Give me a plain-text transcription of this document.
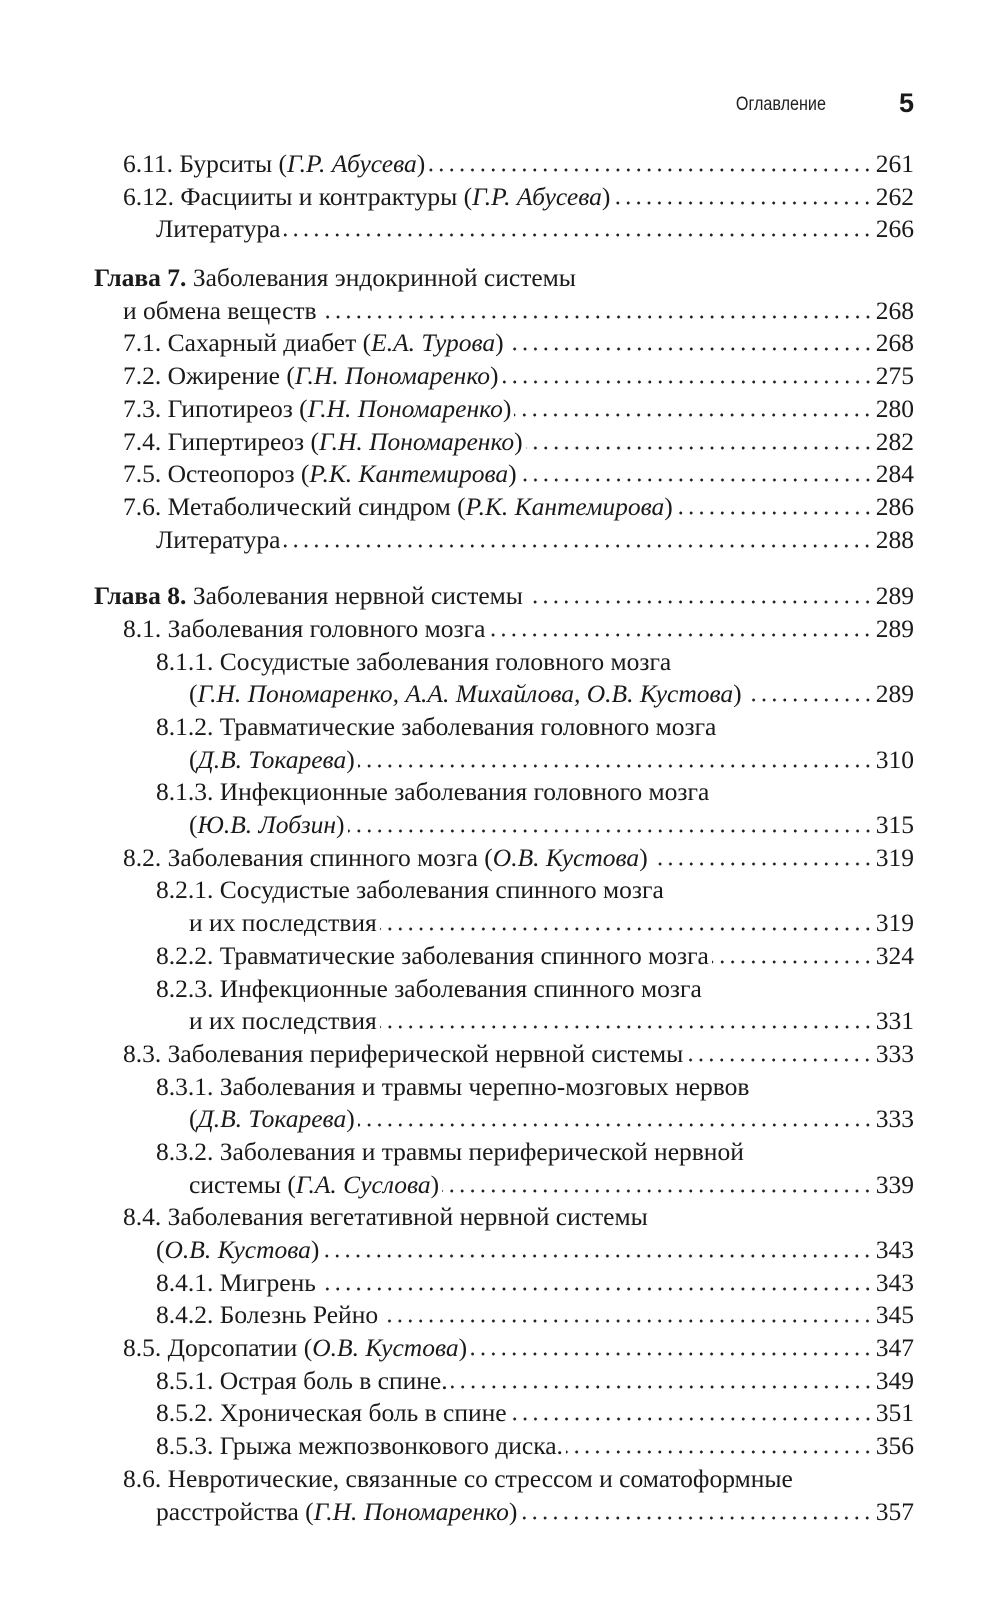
Оглавление	5
6.11. Бурситы (Г.Р. Абусева)	261
6.12. Фасцииты и контрактуры (Г.Р. Абусева)	262
Литература	266
Глава 7. Заболевания эндокринной системы
и обмена веществ	268
7.1. Сахарный диабет (Е.А. Турова)	268
7.2. Ожирение (Г.Н. Пономаренко)	275
7.3. Гипотиреоз (Г.Н. Пономаренко)	280
7.4. Гипертиреоз (Г.Н. Пономаренко)	282
7.5. Остеопороз (Р.К. Кантемирова)	284
7.6. Метаболический синдром (Р.К. Кантемирова)	286
Литература	288
Глава 8. Заболевания нервной системы	289
8.1. Заболевания головного мозга	289
8.1.1. Сосудистые заболевания головного мозга
(Г.Н. Пономаренко, А.А. Михайлова, О.В. Кустова)	289
8.1.2. Травматические заболевания головного мозга
(Д.В. Токарева)	310
8.1.3. Инфекционные заболевания головного мозга
(Ю.В. Лобзин)	315
8.2. Заболевания спинного мозга (О.В. Кустова)	319
8.2.1. Сосудистые заболевания спинного мозга
и их последствия	319
8.2.2. Травматические заболевания спинного мозга	324
8.2.3. Инфекционные заболевания спинного мозга
и их последствия	331
8.3. Заболевания периферической нервной системы	333
8.3.1. Заболевания и травмы черепно-мозговых нервов
(Д.В. Токарева)	333
8.3.2. Заболевания и травмы периферической нервной
системы (Г.А. Суслова)	339
8.4. Заболевания вегетативной нервной системы
(О.В. Кустова)	343
8.4.1. Мигрень	343
8.4.2. Болезнь Рейно	345
8.5. Дорсопатии (О.В. Кустова)	347
8.5.1. Острая боль в спине.	349
8.5.2. Хроническая боль в спине	351
8.5.3. Грыжа межпозвонкового диска.	356
8.6. Невротические, связанные со стрессом и соматоформные
расстройства (Г.Н. Пономаренко)	357
